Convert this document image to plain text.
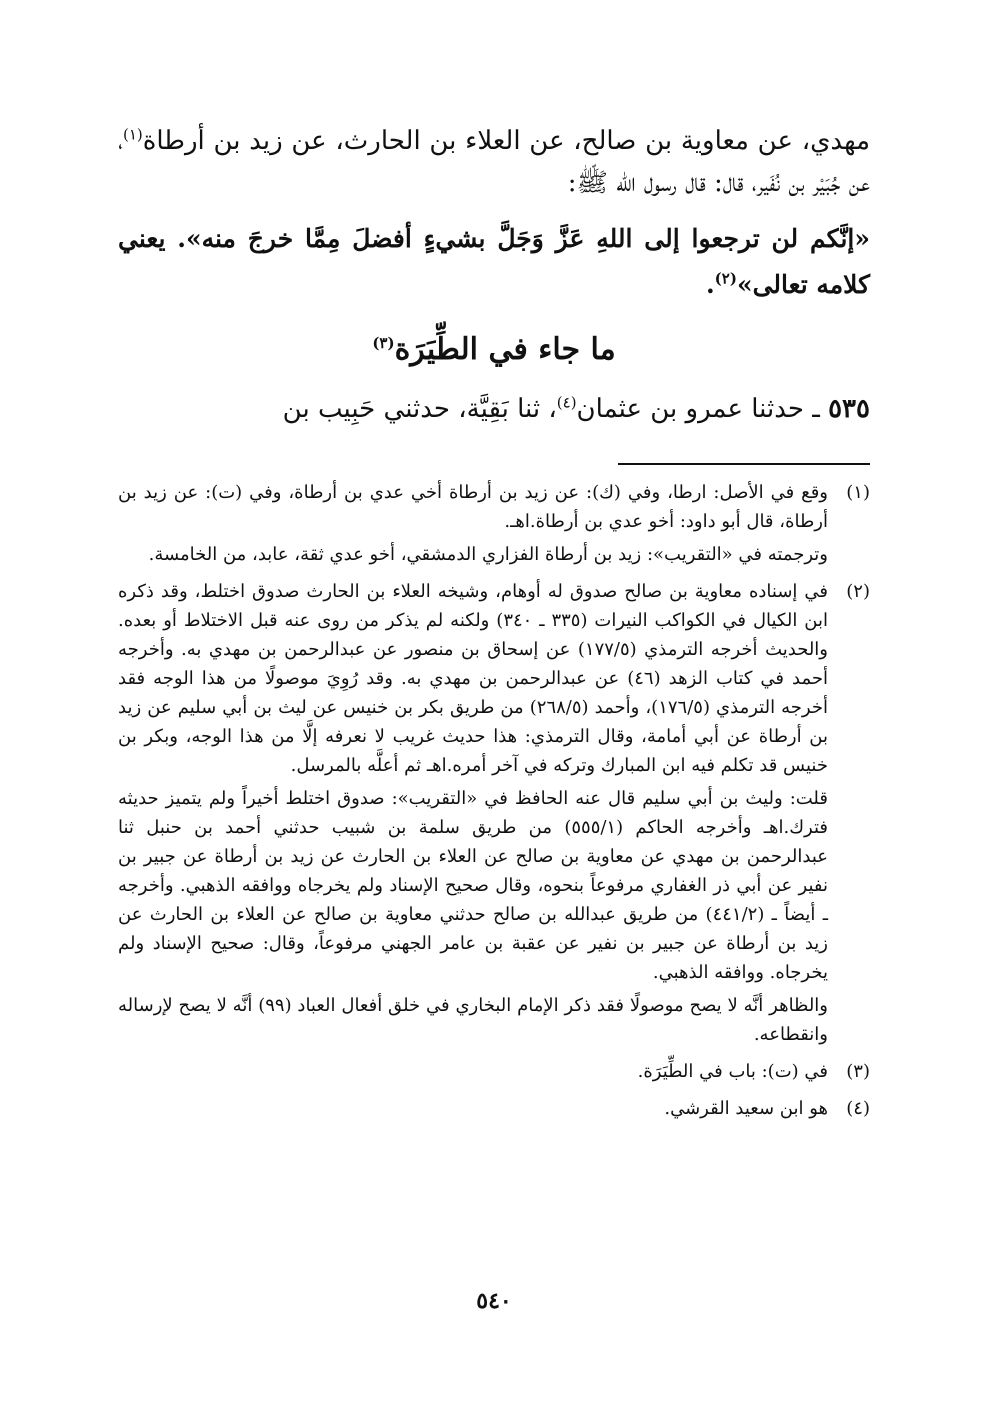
مهدي، عن معاوية بن صالح، عن العلاء بن الحارث، عن زيد بن أرطاة$^{(١)}$، عن جُبَيْر بن نُفَير، قال: قال رسول الله ﷺ:
«إنَّكم لن ترجعوا إلى اللهِ عَزَّ وَجَلَّ بشيءٍ أفضلَ مِمَّا خرجَ منه». يعني كلامه تعالى»$^{(٢)}$.
ما جاء في الطِّيَرَة$^{(٣)}$
٥٣٥ ـ حدثنا عمرو بن عثمان$^{(٤)}$، ثنا بَقِيَّة، حدثني حَبِيب بن
(١)

وقع في الأصل: ارطا، وفي (ك): عن زيد بن أرطاة أخي عدي بن أرطاة، وفي (ت): عن زيد بن أرطاة، قال أبو داود: أخو عدي بن أرطاة.اهـ.

وترجمته في «التقريب»: زيد بن أرطاة الفزاري الدمشقي، أخو عدي ثقة، عابد، من الخامسة.

(٢)

في إسناده معاوية بن صالح صدوق له أوهام، وشيخه العلاء بن الحارث صدوق اختلط، وقد ذكره ابن الكيال في الكواكب النيرات (٣٣٥ ـ ٣٤٠) ولكنه لم يذكر من روى عنه قبل الاختلاط أو بعده. والحديث أخرجه الترمذي (١٧٧/٥) عن إسحاق بن منصور عن عبدالرحمن بن مهدي به. وأخرجه أحمد في كتاب الزهد (٤٦) عن عبدالرحمن بن مهدي به. وقد رُوِيَ موصولًا من هذا الوجه فقد أخرجه الترمذي (١٧٦/٥)، وأحمد (٢٦٨/٥) من طريق بكر بن خنيس عن ليث بن أبي سليم عن زيد بن أرطاة عن أبي أمامة، وقال الترمذي: هذا حديث غريب لا نعرفه إلَّا من هذا الوجه، وبكر بن خنيس قد تكلم فيه ابن المبارك وتركه في آخر أمره.اهـ ثم أعلَّه بالمرسل.

قلت: وليث بن أبي سليم قال عنه الحافظ في «التقريب»: صدوق اختلط أخيراً ولم يتميز حديثه فترك.اهـ وأخرجه الحاكم (٥٥٥/١) من طريق سلمة بن شبيب حدثني أحمد بن حنبل ثنا عبدالرحمن بن مهدي عن معاوية بن صالح عن العلاء بن الحارث عن زيد بن أرطاة عن جبير بن نفير عن أبي ذر الغفاري مرفوعاً بنحوه، وقال صحيح الإسناد ولم يخرجاه ووافقه الذهبي. وأخرجه ـ أيضاً ـ (٤٤١/٢) من طريق عبدالله بن صالح حدثني معاوية بن صالح عن العلاء بن الحارث عن زيد بن أرطاة عن جبير بن نفير عن عقبة بن عامر الجهني مرفوعاً، وقال: صحيح الإسناد ولم يخرجاه. ووافقه الذهبي.

والظاهر أنَّه لا يصح موصولًا فقد ذكر الإمام البخاري في خلق أفعال العباد (٩٩) أنَّه لا يصح لإرساله وانقطاعه.

(٣)

في (ت): باب في الطِّيَرَة.

(٤)

هو ابن سعيد القرشي.

٥٤٠
